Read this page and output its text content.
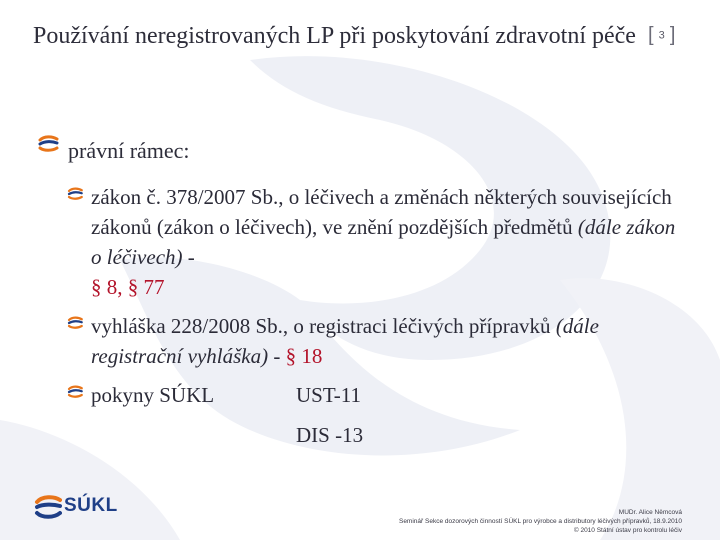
Používání neregistrovaných LP při poskytování zdravotní péče [ 3 ]
právní rámec:
zákon č. 378/2007 Sb., o léčivech a změnách některých souvisejících zákonů (zákon o léčivech), ve znění pozdějších předmětů (dále zákon o léčivech) -
§ 8, § 77
vyhláška 228/2008 Sb., o registraci léčivých přípravků (dále registrační vyhláška) - § 18
pokyny SÚKL	UST-11
DIS -13
SÚKL	MUDr. Alice Němcová
Seminář Sekce dozorových činností SÚKL pro výrobce a distributory léčivých přípravků, 18.9.2010
© 2010 Státní ústav pro kontrolu léčiv
